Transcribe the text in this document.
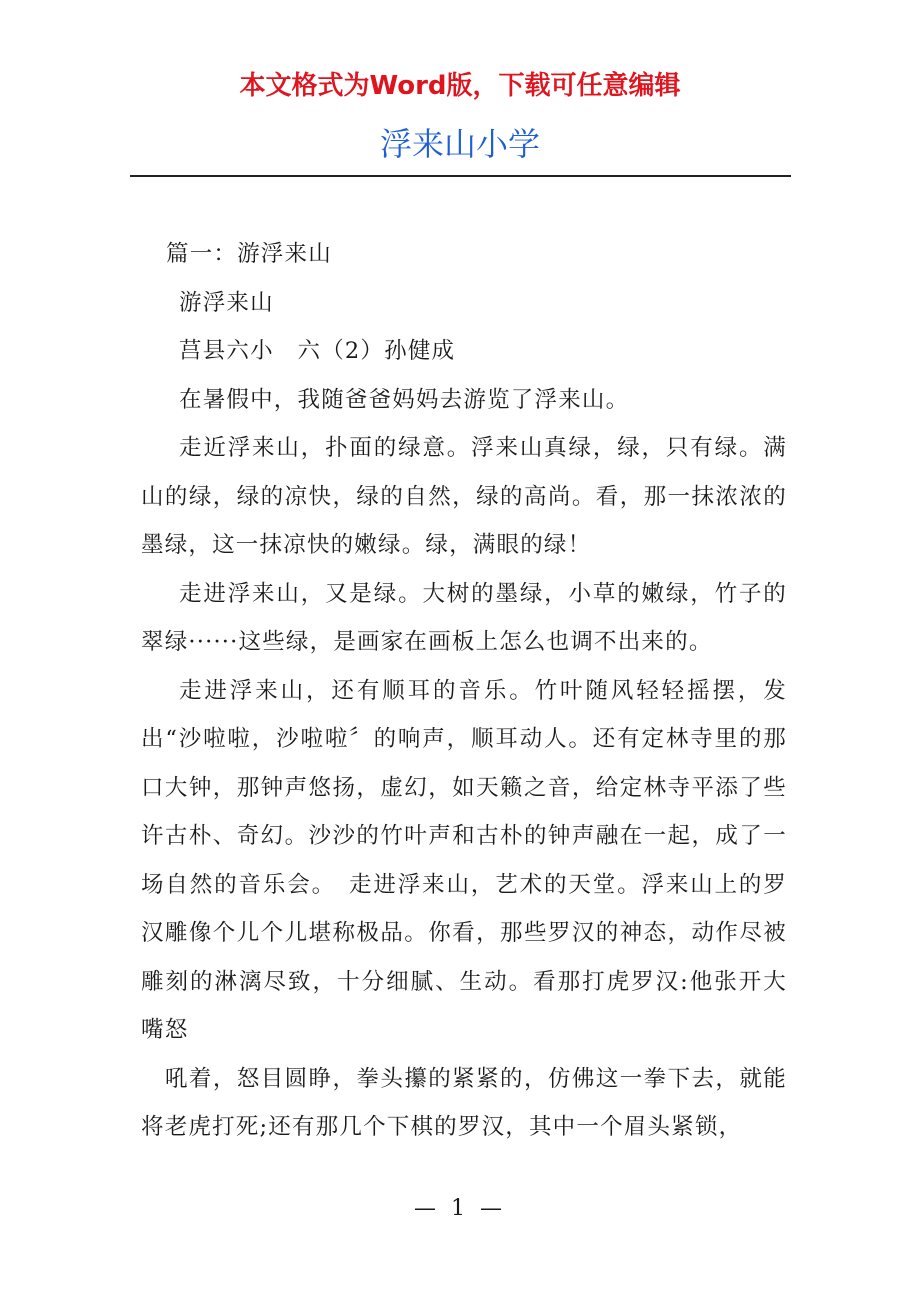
本文格式为Word版，下载可任意编辑

浮来山小学

篇一：游浮来山

游浮来山

莒县六小　六（2）孙健成

在暑假中，我随爸爸妈妈去游览了浮来山。

走近浮来山，扑面的绿意。浮来山真绿，绿，只有绿。满山的绿，绿的凉快，绿的自然，绿的高尚。看，那一抹浓浓的墨绿，这一抹凉快的嫩绿。绿，满眼的绿！

走进浮来山，又是绿。大树的墨绿，小草的嫩绿，竹子的翠绿······这些绿，是画家在画板上怎么也调不出来的。

走进浮来山，还有顺耳的音乐。竹叶随风轻轻摇摆，发出“沙啦啦，沙啦啦〞的响声，顺耳动人。还有定林寺里的那口大钟，那钟声悠扬，虚幻，如天籁之音，给定林寺平添了些许古朴、奇幻。沙沙的竹叶声和古朴的钟声融在一起，成了一场自然的音乐会。　走进浮来山，艺术的天堂。浮来山上的罗汉雕像个儿个儿堪称极品。你看，那些罗汉的神态，动作尽被雕刻的淋漓尽致，十分细腻、生动。看那打虎罗汉:他张开大嘴怒

吼着，怒目圆睁，拳头攥的紧紧的，仿佛这一拳下去，就能将老虎打死;还有那几个下棋的罗汉，其中一个眉头紧锁，

— 1 —
